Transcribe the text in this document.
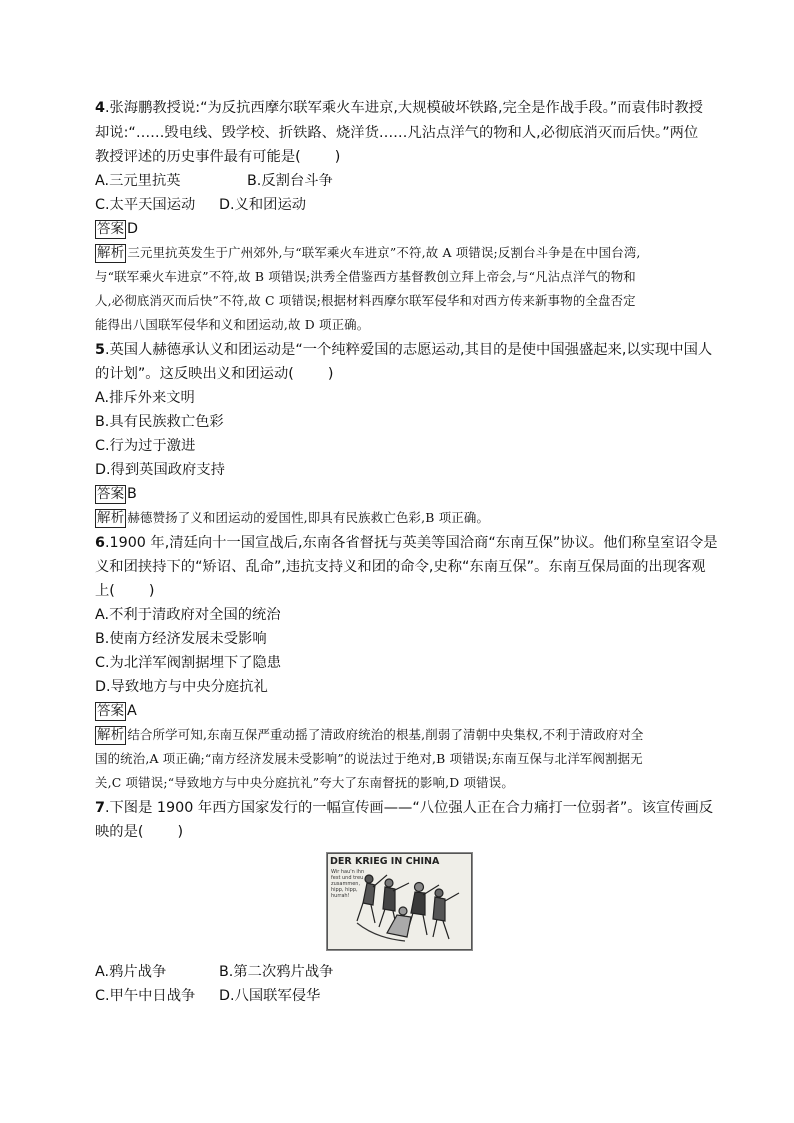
4.张海鹏教授说:“为反抗西摩尔联军乘火车进京,大规模破坏铁路,完全是作战手段。”而袁伟时教授
却说:“……毁电线、毁学校、折铁路、烧洋货……凡沾点洋气的物和人,必彻底消灭而后快。”两位
教授评述的历史事件最有可能是( )
A.三元里抗英	B.反割台斗争
C.太平天国运动 D.义和团运动
答案 D
解析 三元里抗英发生于广州郊外,与“联军乘火车进京”不符,故 A 项错误;反割台斗争是在中国台湾,
与“联军乘火车进京”不符,故 B 项错误;洪秀全借鉴西方基督教创立拜上帝会,与“凡沾点洋气的物和
人,必彻底消灭而后快”不符,故 C 项错误;根据材料西摩尔联军侵华和对西方传来新事物的全盘否定
能得出八国联军侵华和义和团运动,故 D 项正确。
5.英国人赫德承认义和团运动是“一个纯粹爱国的志愿运动,其目的是使中国强盛起来,以实现中国人
的计划”。这反映出义和团运动( )
A.排斥外来文明
B.具有民族救亡色彩
C.行为过于激进
D.得到英国政府支持
答案 B
解析 赫德赞扬了义和团运动的爱国性,即具有民族救亡色彩,B 项正确。
6.1900 年,清廷向十一国宣战后,东南各省督抚与英美等国洽商“东南互保”协议。他们称皇室诏令是
义和团挟持下的“矫诏、乱命”,违抗支持义和团的命令,史称“东南互保”。东南互保局面的出现客观
上( )
A.不利于清政府对全国的统治
B.使南方经济发展未受影响
C.为北洋军阀割据埋下了隐患
D.导致地方与中央分庭抗礼
答案 A
解析 结合所学可知,东南互保严重动摇了清政府统治的根基,削弱了清朝中央集权,不利于清政府对全
国的统治,A 项正确;“南方经济发展未受影响”的说法过于绝对,B 项错误;东南互保与北洋军阀割据无
关,C 项错误;“导致地方与中央分庭抗礼”夸大了东南督抚的影响,D 项错误。
7.下图是 1900 年西方国家发行的一幅宣传画——“八位强人正在合力痛打一位弱者”。该宣传画反
映的是( )
DER KRIEG IN CHINA
Wir hau'n ihn
fest und treu
zusammen,
hipp, hipp,
hurrah!
A.鸦片战争	B.第二次鸦片战争
C.甲午中日战争 D.八国联军侵华
